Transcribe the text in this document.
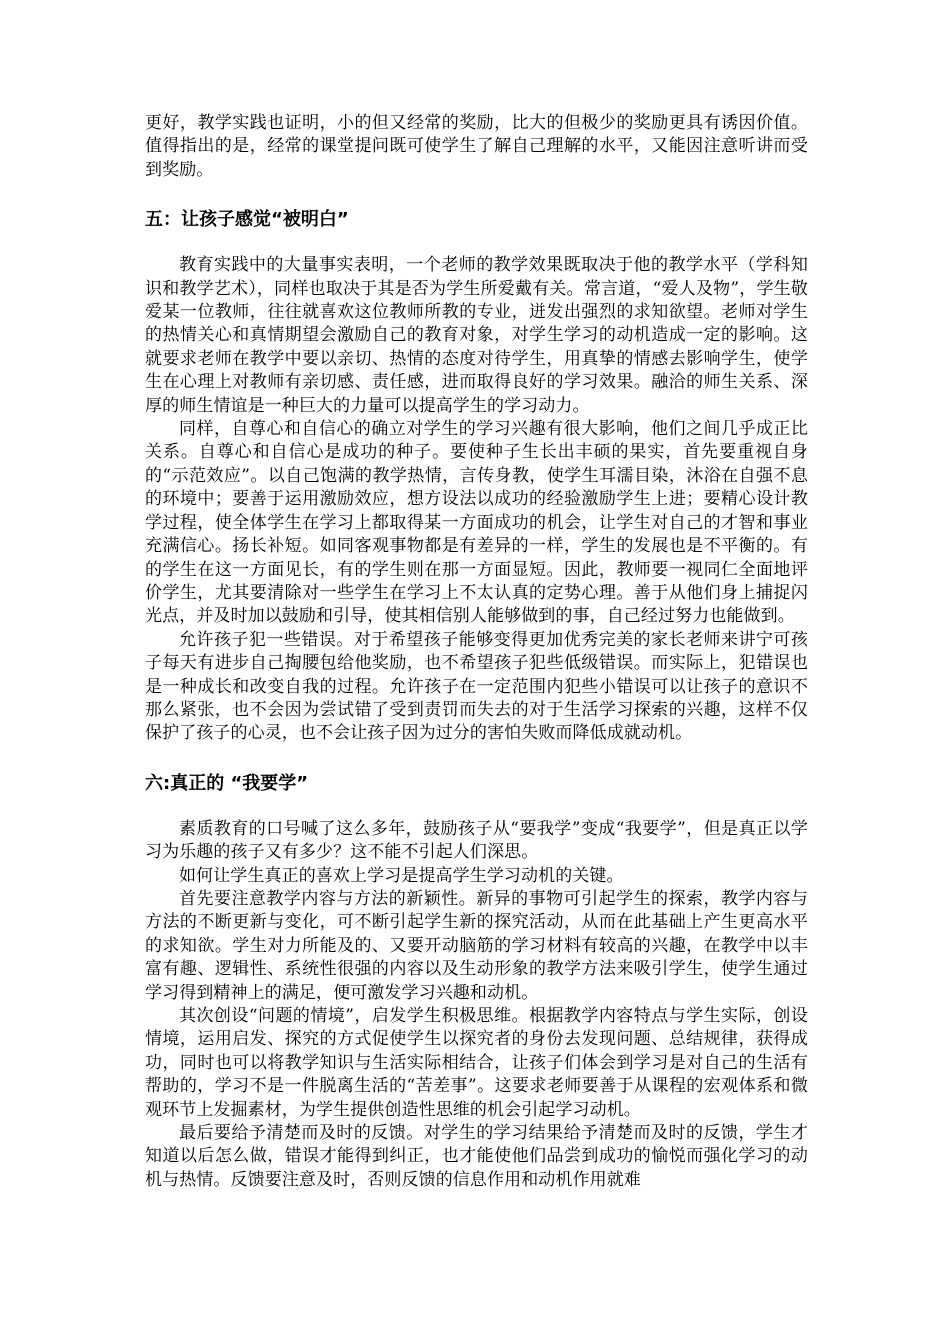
更好，教学实践也证明，小的但又经常的奖励，比大的但极少的奖励更具有诱因价值。值得指出的是，经常的课堂提问既可使学生了解自己理解的水平，又能因注意听讲而受到奖励。

五：让孩子感觉“被明白”

教育实践中的大量事实表明，一个老师的教学效果既取决于他的教学水平（学科知识和教学艺术），同样也取决于其是否为学生所爱戴有关。常言道，“爱人及物”，学生敬爱某一位教师，往往就喜欢这位教师所教的专业，迸发出强烈的求知欲望。老师对学生的热情关心和真情期望会激励自己的教育对象，对学生学习的动机造成一定的影响。这就要求老师在教学中要以亲切、热情的态度对待学生，用真挚的情感去影响学生，使学生在心理上对教师有亲切感、责任感，进而取得良好的学习效果。融洽的师生关系、深厚的师生情谊是一种巨大的力量可以提高学生的学习动力。

同样，自尊心和自信心的确立对学生的学习兴趣有很大影响，他们之间几乎成正比关系。自尊心和自信心是成功的种子。要使种子生长出丰硕的果实，首先要重视自身的“示范效应”。以自己饱满的教学热情，言传身教，使学生耳濡目染，沐浴在自强不息的环境中；要善于运用激励效应，想方设法以成功的经验激励学生上进；要精心设计教学过程，使全体学生在学习上都取得某一方面成功的机会，让学生对自己的才智和事业充满信心。扬长补短。如同客观事物都是有差异的一样，学生的发展也是不平衡的。有的学生在这一方面见长，有的学生则在那一方面显短。因此，教师要一视同仁全面地评价学生，尤其要清除对一些学生在学习上不太认真的定势心理。善于从他们身上捕捉闪光点，并及时加以鼓励和引导，使其相信别人能够做到的事，自己经过努力也能做到。

允许孩子犯一些错误。对于希望孩子能够变得更加优秀完美的家长老师来讲宁可孩子每天有进步自己掏腰包给他奖励，也不希望孩子犯些低级错误。而实际上，犯错误也是一种成长和改变自我的过程。允许孩子在一定范围内犯些小错误可以让孩子的意识不那么紧张，也不会因为尝试错了受到责罚而失去的对于生活学习探索的兴趣，这样不仅保护了孩子的心灵，也不会让孩子因为过分的害怕失败而降低成就动机。

六:真正的 “我要学”

素质教育的口号喊了这么多年，鼓励孩子从“要我学”变成“我要学”，但是真正以学习为乐趣的孩子又有多少？这不能不引起人们深思。

如何让学生真正的喜欢上学习是提高学生学习动机的关键。

首先要注意教学内容与方法的新颖性。新异的事物可引起学生的探索，教学内容与方法的不断更新与变化，可不断引起学生新的探究活动，从而在此基础上产生更高水平的求知欲。学生对力所能及的、又要开动脑筋的学习材料有较高的兴趣，在教学中以丰富有趣、逻辑性、系统性很强的内容以及生动形象的教学方法来吸引学生，使学生通过学习得到精神上的满足，便可激发学习兴趣和动机。

其次创设“问题的情境”，启发学生积极思维。根据教学内容特点与学生实际，创设情境，运用启发、探究的方式促使学生以探究者的身份去发现问题、总结规律，获得成功，同时也可以将教学知识与生活实际相结合，让孩子们体会到学习是对自己的生活有帮助的，学习不是一件脱离生活的“苦差事”。这要求老师要善于从课程的宏观体系和微观环节上发掘素材，为学生提供创造性思维的机会引起学习动机。

最后要给予清楚而及时的反馈。对学生的学习结果给予清楚而及时的反馈，学生才知道以后怎么做，错误才能得到纠正，也才能使他们品尝到成功的愉悦而强化学习的动机与热情。反馈要注意及时，否则反馈的信息作用和动机作用就难
